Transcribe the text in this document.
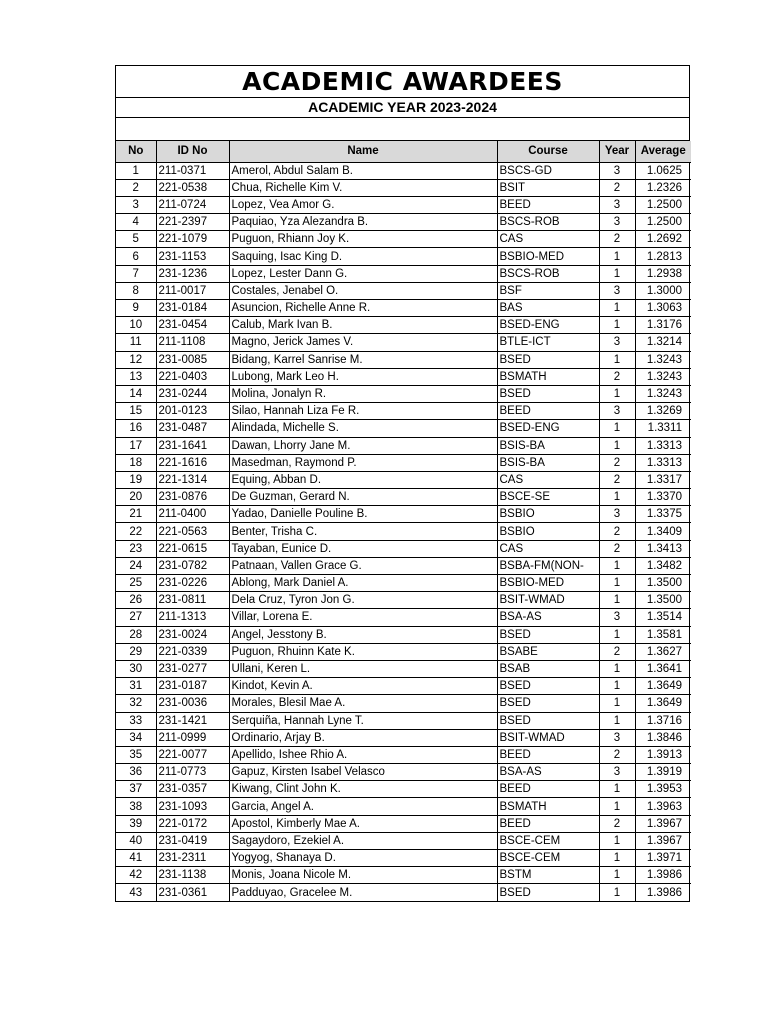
ACADEMIC AWARDEES
ACADEMIC YEAR 2023-2024
No	ID No	Name	Course	Year	Average
1	211-0371	Amerol, Abdul Salam B.	BSCS-GD	3	1.0625
2	221-0538	Chua, Richelle Kim V.	BSIT	2	1.2326
3	211-0724	Lopez, Vea Amor G.	BEED	3	1.2500
4	221-2397	Paquiao, Yza Alezandra B.	BSCS-ROB	3	1.2500
5	221-1079	Puguon, Rhiann Joy K.	CAS	2	1.2692
6	231-1153	Saquing, Isac King D.	BSBIO-MED	1	1.2813
7	231-1236	Lopez, Lester Dann G.	BSCS-ROB	1	1.2938
8	211-0017	Costales, Jenabel O.	BSF	3	1.3000
9	231-0184	Asuncion, Richelle Anne R.	BAS	1	1.3063
10	231-0454	Calub, Mark Ivan B.	BSED-ENG	1	1.3176
11	211-1108	Magno, Jerick James V.	BTLE-ICT	3	1.3214
12	231-0085	Bidang, Karrel Sanrise M.	BSED	1	1.3243
13	221-0403	Lubong, Mark Leo H.	BSMATH	2	1.3243
14	231-0244	Molina, Jonalyn R.	BSED	1	1.3243
15	201-0123	Silao, Hannah Liza Fe R.	BEED	3	1.3269
16	231-0487	Alindada, Michelle S.	BSED-ENG	1	1.3311
17	231-1641	Dawan, Lhorry Jane M.	BSIS-BA	1	1.3313
18	221-1616	Masedman, Raymond P.	BSIS-BA	2	1.3313
19	221-1314	Equing, Abban D.	CAS	2	1.3317
20	231-0876	De Guzman, Gerard N.	BSCE-SE	1	1.3370
21	211-0400	Yadao, Danielle Pouline B.	BSBIO	3	1.3375
22	221-0563	Benter, Trisha C.	BSBIO	2	1.3409
23	221-0615	Tayaban, Eunice D.	CAS	2	1.3413
24	231-0782	Patnaan, Vallen Grace G.	BSBA-FM(NON-	1	1.3482
25	231-0226	Ablong, Mark Daniel A.	BSBIO-MED	1	1.3500
26	231-0811	Dela Cruz, Tyron Jon G.	BSIT-WMAD	1	1.3500
27	211-1313	Villar, Lorena E.	BSA-AS	3	1.3514
28	231-0024	Angel, Jesstony B.	BSED	1	1.3581
29	221-0339	Puguon, Rhuinn Kate K.	BSABE	2	1.3627
30	231-0277	Ullani, Keren L.	BSAB	1	1.3641
31	231-0187	Kindot, Kevin A.	BSED	1	1.3649
32	231-0036	Morales, Blesil Mae A.	BSED	1	1.3649
33	231-1421	Serquiña, Hannah Lyne T.	BSED	1	1.3716
34	211-0999	Ordinario, Arjay B.	BSIT-WMAD	3	1.3846
35	221-0077	Apellido, Ishee Rhio A.	BEED	2	1.3913
36	211-0773	Gapuz, Kirsten Isabel Velasco	BSA-AS	3	1.3919
37	231-0357	Kiwang, Clint John K.	BEED	1	1.3953
38	231-1093	Garcia, Angel A.	BSMATH	1	1.3963
39	221-0172	Apostol, Kimberly Mae A.	BEED	2	1.3967
40	231-0419	Sagaydoro, Ezekiel A.	BSCE-CEM	1	1.3967
41	231-2311	Yogyog, Shanaya D.	BSCE-CEM	1	1.3971
42	231-1138	Monis, Joana Nicole M.	BSTM	1	1.3986
43	231-0361	Padduyao, Gracelee M.	BSED	1	1.3986
